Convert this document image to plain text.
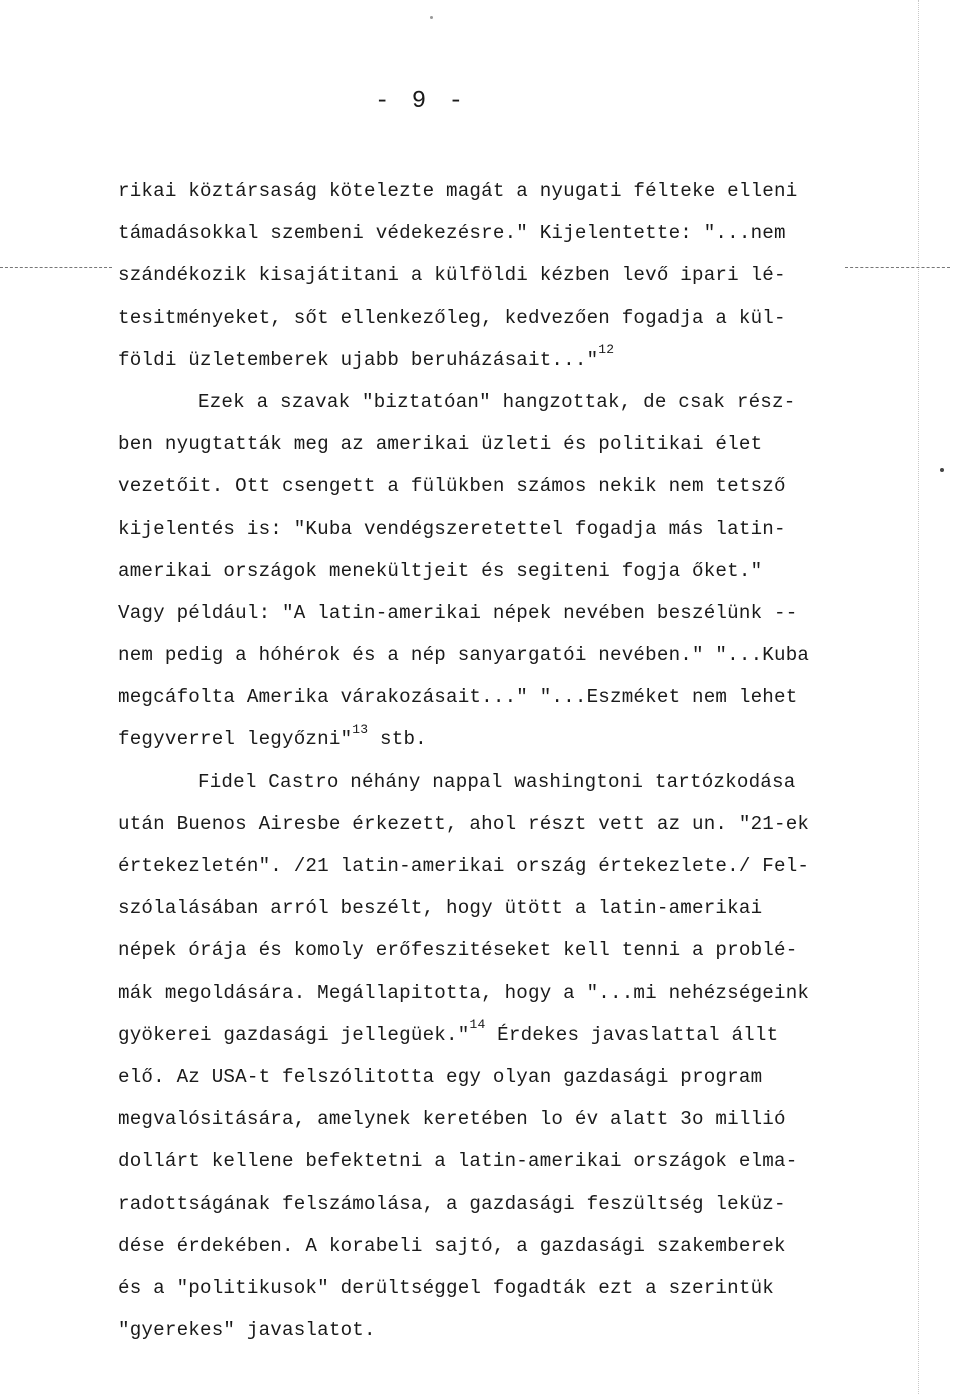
- 9 -
rikai köztársaság kötelezte magát a nyugati félteke elleni
támadásokkal szembeni védekezésre." Kijelentette: "...nem
szándékozik kisajátitani a külföldi kézben levő ipari lé-
tesitményeket, sőt ellenkezőleg, kedvezően fogadja a kül-
földi üzletemberek ujabb beruházásait..."$^{12}$
Ezek a szavak "biztatóan" hangzottak, de csak rész-
ben nyugtatták meg az amerikai üzleti és politikai élet
vezetőit. Ott csengett a fülükben számos nekik nem tetsző
kijelentés is: "Kuba vendégszeretettel fogadja más latin-
amerikai országok menekültjeit és segiteni fogja őket."
Vagy például: "A latin-amerikai népek nevében beszélünk --
nem pedig a hóhérok és a nép sanyargatói nevében." "...Kuba
megcáfolta Amerika várakozásait..." "...Eszméket nem lehet
fegyverrel legyőzni"$^{13}$ stb.
Fidel Castro néhány nappal washingtoni tartózkodása
után Buenos Airesbe érkezett, ahol részt vett az un. "21-ek
értekezletén". /21 latin-amerikai ország értekezlete./ Fel-
szólalásában arról beszélt, hogy ütött a latin-amerikai
népek órája és komoly erőfeszitéseket kell tenni a problé-
mák megoldására. Megállapitotta, hogy a "...mi nehézségeink
gyökerei gazdasági jellegüek."$^{14}$ Érdekes javaslattal állt
elő. Az USA-t felszólitotta egy olyan gazdasági program
megvalósitására, amelynek keretében lo év alatt 3o millió
dollárt kellene befektetni a latin-amerikai országok elma-
radottságának felszámolása, a gazdasági feszültség leküz-
dése érdekében. A korabeli sajtó, a gazdasági szakemberek
és a "politikusok" derültséggel fogadták ezt a szerintük
"gyerekes" javaslatot.
